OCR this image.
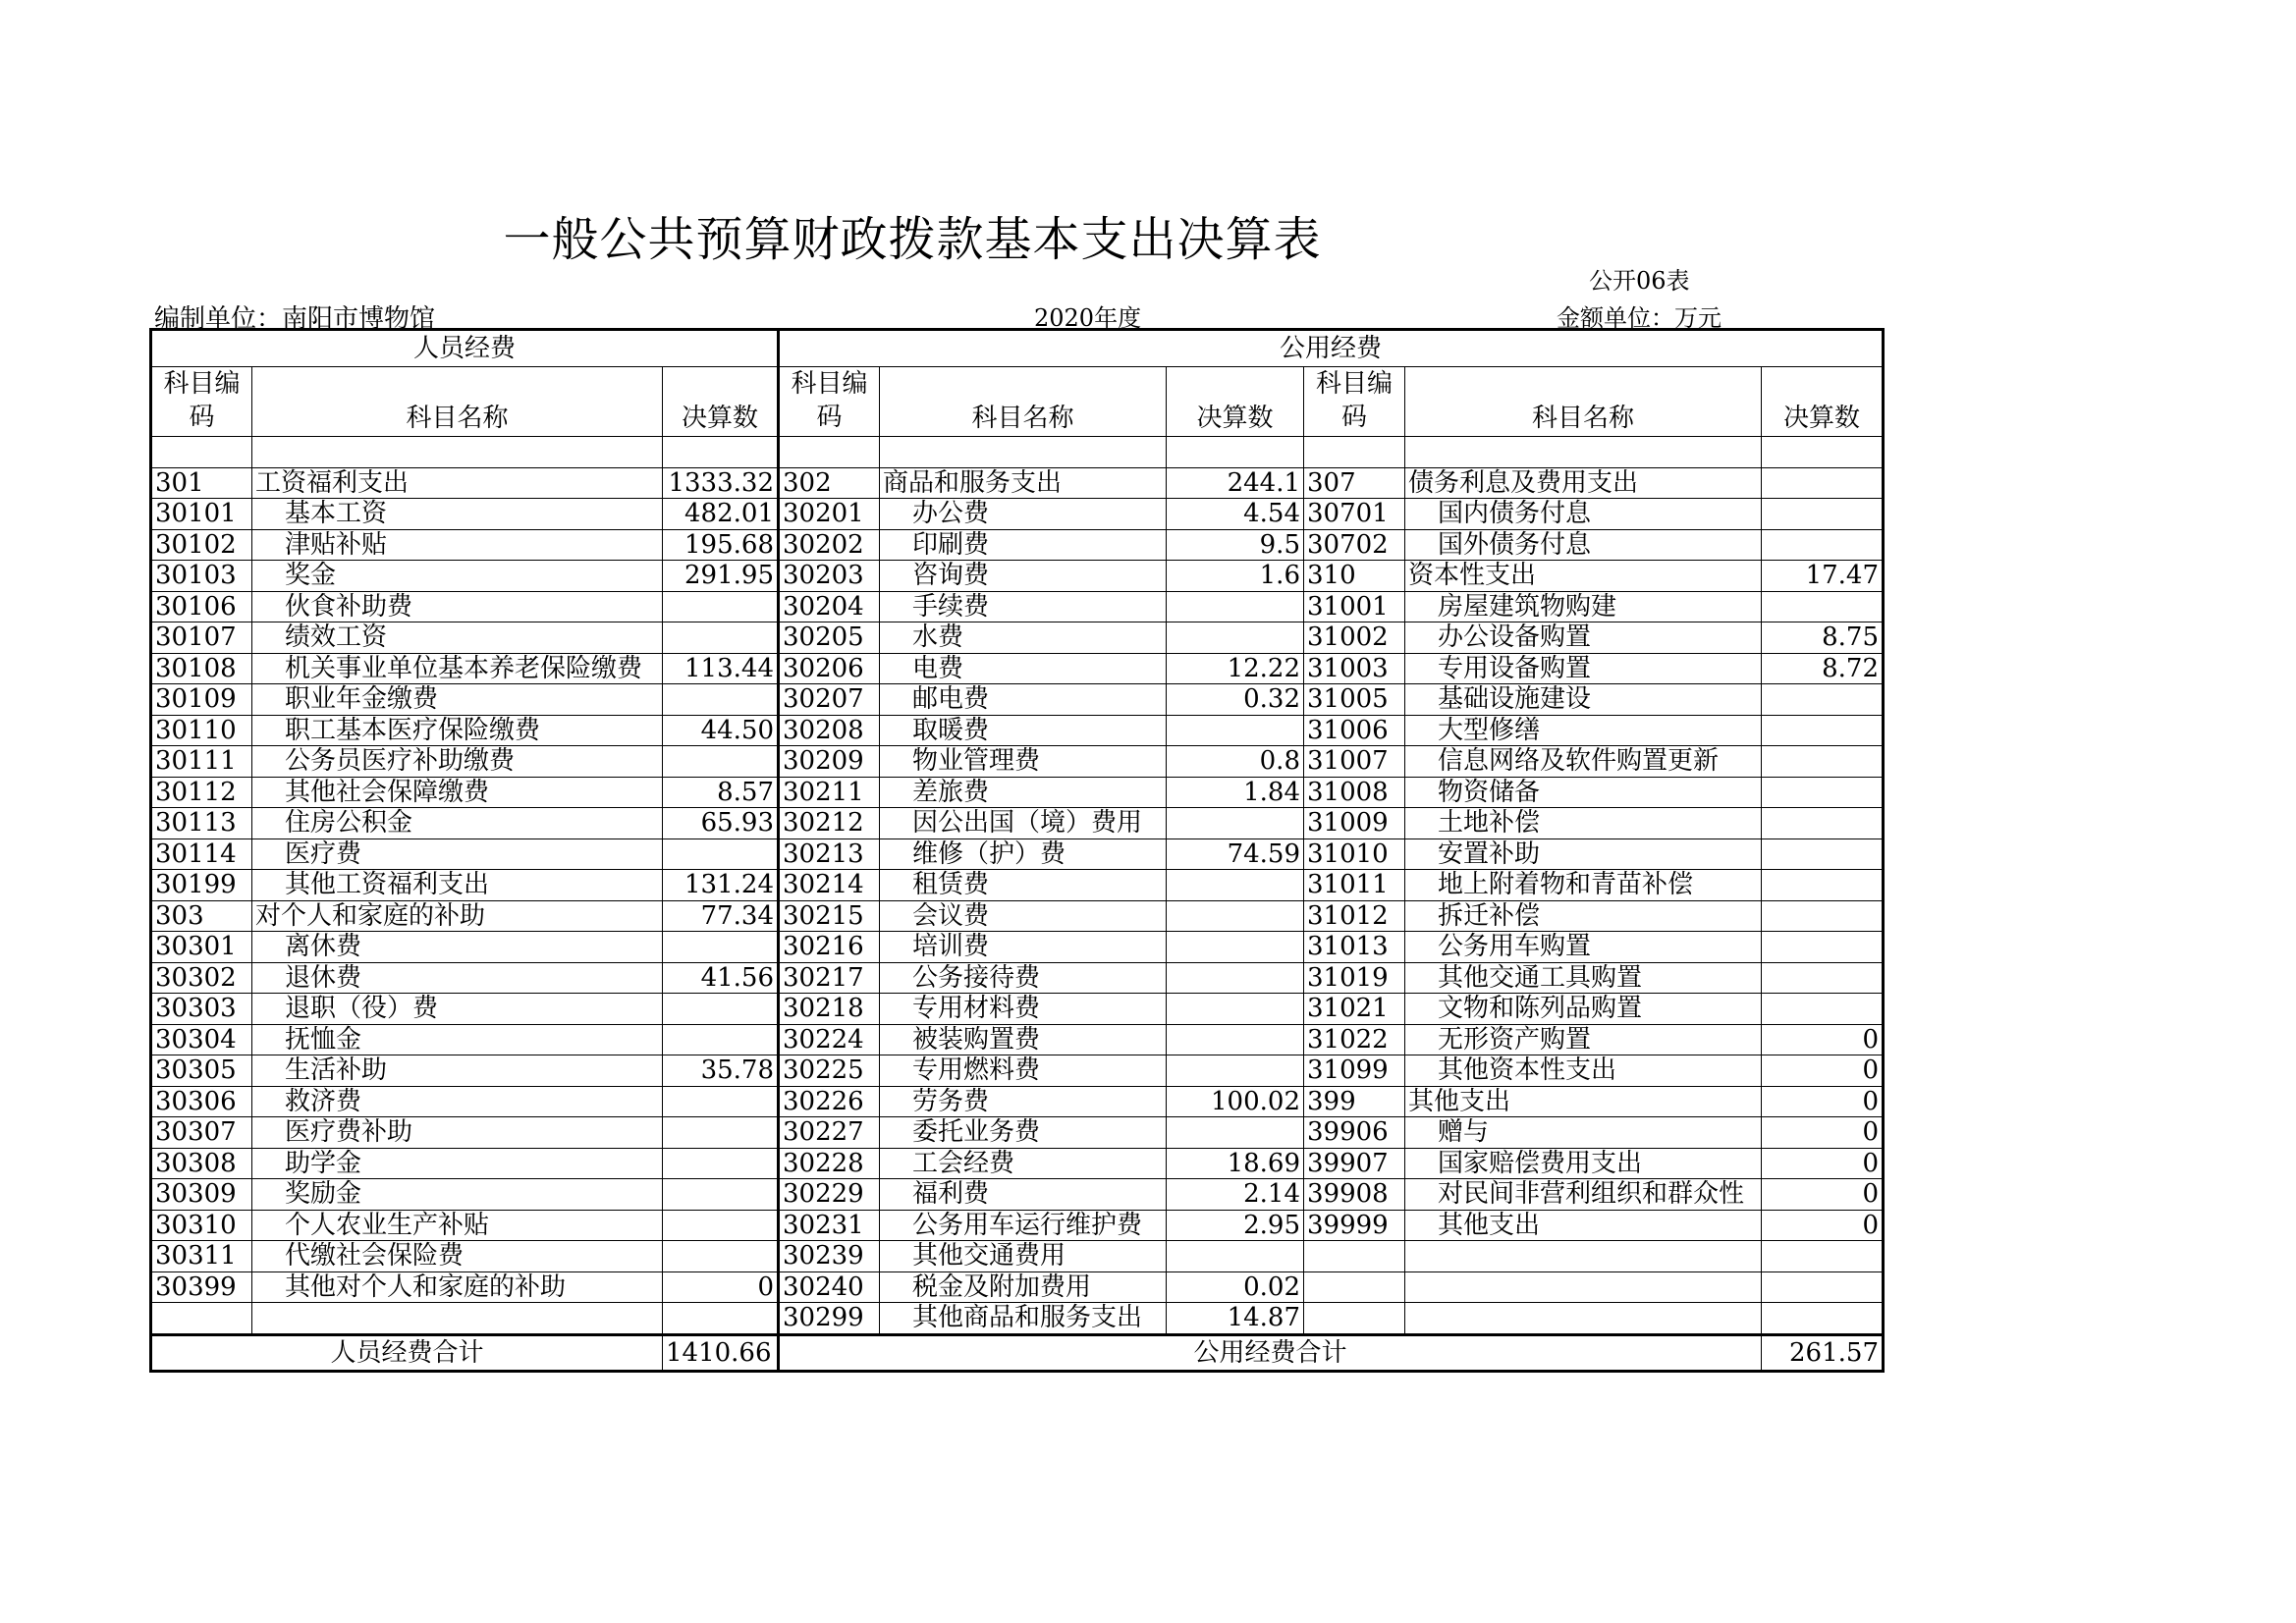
一般公共预算财政拨款基本支出决算表
公开06表
编制单位：南阳市博物馆	2020年度	金额单位：万元
人员经费			公用经费					

科目编码	科目名称	决算数	科目编码	科目名称	决算数	科目编码	科目名称	决算数

301	工资福利支出	1333.32	302	商品和服务支出	244.1	307	债务利息及费用支出	
30101	基本工资	482.01	30201	办公费	4.54	30701	国内债务付息	
30102	津贴补贴	195.68	30202	印刷费	9.5	30702	国外债务付息	
30103	奖金	291.95	30203	咨询费	1.6	310	资本性支出	17.47
30106	伙食补助费		30204	手续费		31001	房屋建筑物购建	
30107	绩效工资		30205	水费		31002	办公设备购置	8.75
30108	机关事业单位基本养老保险缴费	113.44	30206	电费	12.22	31003	专用设备购置	8.72
30109	职业年金缴费		30207	邮电费	0.32	31005	基础设施建设	
30110	职工基本医疗保险缴费	44.50	30208	取暖费		31006	大型修缮	
30111	公务员医疗补助缴费		30209	物业管理费	0.8	31007	信息网络及软件购置更新	
30112	其他社会保障缴费	8.57	30211	差旅费	1.84	31008	物资储备	
30113	住房公积金	65.93	30212	因公出国（境）费用		31009	土地补偿	
30114	医疗费		30213	维修（护）费	74.59	31010	安置补助	
30199	其他工资福利支出	131.24	30214	租赁费		31011	地上附着物和青苗补偿	
303	对个人和家庭的补助	77.34	30215	会议费		31012	拆迁补偿	
30301	离休费		30216	培训费		31013	公务用车购置	
30302	退休费	41.56	30217	公务接待费		31019	其他交通工具购置	
30303	退职（役）费		30218	专用材料费		31021	文物和陈列品购置	
30304	抚恤金		30224	被装购置费		31022	无形资产购置	0
30305	生活补助	35.78	30225	专用燃料费		31099	其他资本性支出	0
30306	救济费		30226	劳务费	100.02	399	其他支出	0
30307	医疗费补助		30227	委托业务费		39906	赠与	0
30308	助学金		30228	工会经费	18.69	39907	国家赔偿费用支出	0
30309	奖励金		30229	福利费	2.14	39908	对民间非营利组织和群众性	0
30310	个人农业生产补贴		30231	公务用车运行维护费	2.95	39999	其他支出	0
30311	代缴社会保险费		30239	其他交通费用				
30399	其他对个人和家庭的补助	0	30240	税金及附加费用	0.02			
			30299	其他商品和服务支出	14.87			
人员经费合计		1410.66	公用经费合计					261.57
